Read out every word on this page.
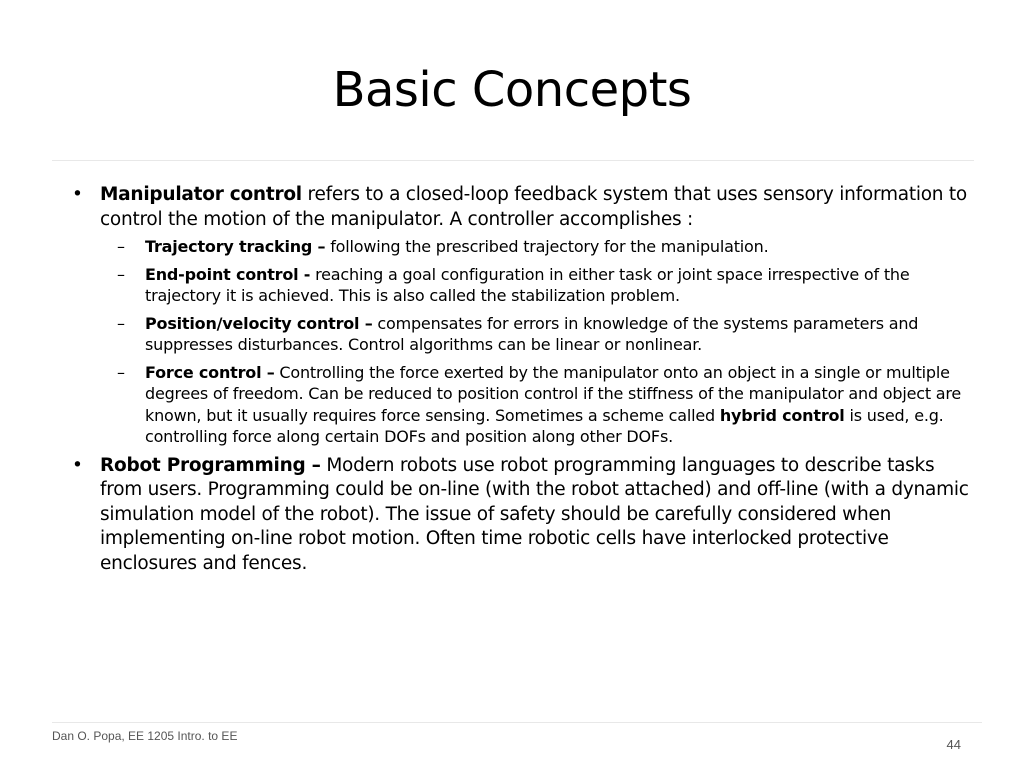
Basic Concepts
• Manipulator control refers to a closed-loop feedback system that uses sensory information to control the motion of the manipulator. A controller accomplishes :
– Trajectory tracking – following the prescribed trajectory for the manipulation.
– End-point control - reaching a goal configuration in either task or joint space irrespective of the trajectory it is achieved. This is also called the stabilization problem.
– Position/velocity control – compensates for errors in knowledge of the systems parameters and suppresses disturbances. Control algorithms can be linear or nonlinear.
– Force control – Controlling the force exerted by the manipulator onto an object in a single or multiple degrees of freedom. Can be reduced to position control if the stiffness of the manipulator and object are known, but it usually requires force sensing. Sometimes a scheme called hybrid control is used, e.g. controlling force along certain DOFs and position along other DOFs.
• Robot Programming – Modern robots use robot programming languages to describe tasks from users. Programming could be on-line (with the robot attached) and off-line (with a dynamic simulation model of the robot). The issue of safety should be carefully considered when implementing on-line robot motion. Often time robotic cells have interlocked protective enclosures and fences.
Dan O. Popa, EE 1205 Intro. to EE
44
